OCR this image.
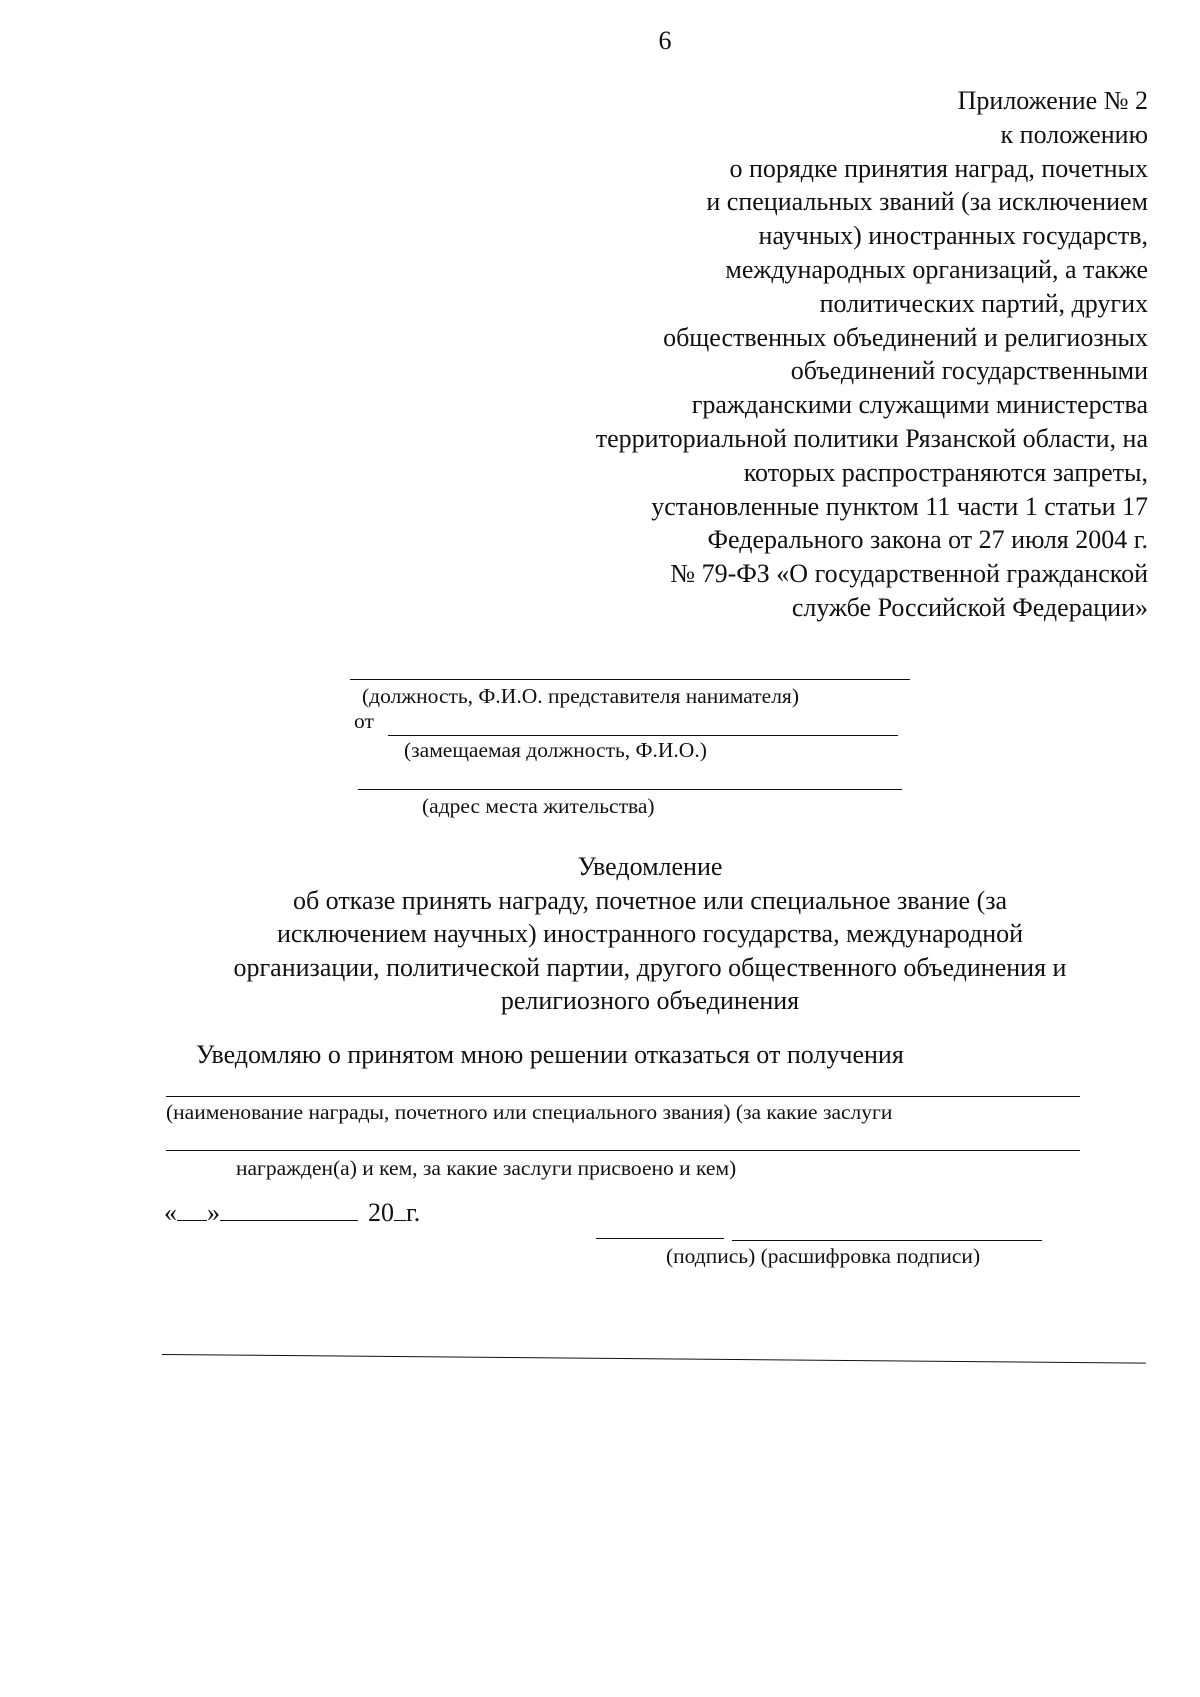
6
Приложение № 2
к положению
о порядке принятия наград, почетных
и специальных званий (за исключением
научных) иностранных государств,
международных организаций, а также
политических партий, других
общественных объединений и религиозных
объединений государственными
гражданскими служащими министерства
территориальной политики Рязанской области, на
которых распространяются запреты,
установленные пунктом 11 части 1 статьи 17
Федерального закона от 27 июля 2004 г.
№ 79-ФЗ «О государственной гражданской
службе Российской Федерации»
(должность, Ф.И.О. представителя нанимателя)
от
(замещаемая должность, Ф.И.О.)
(адрес места жительства)
Уведомление
об отказе принять награду, почетное или специальное звание (за
исключением научных) иностранного государства, международной
организации, политической партии, другого общественного объединения и
религиозного объединения
Уведомляю о принятом мною решении отказаться от получения
(наименование награды, почетного или специального звания) (за какие заслуги
награжден(а) и кем, за какие заслуги присвоено и кем)
« »	20г.
(подпись) (расшифровка подписи)
